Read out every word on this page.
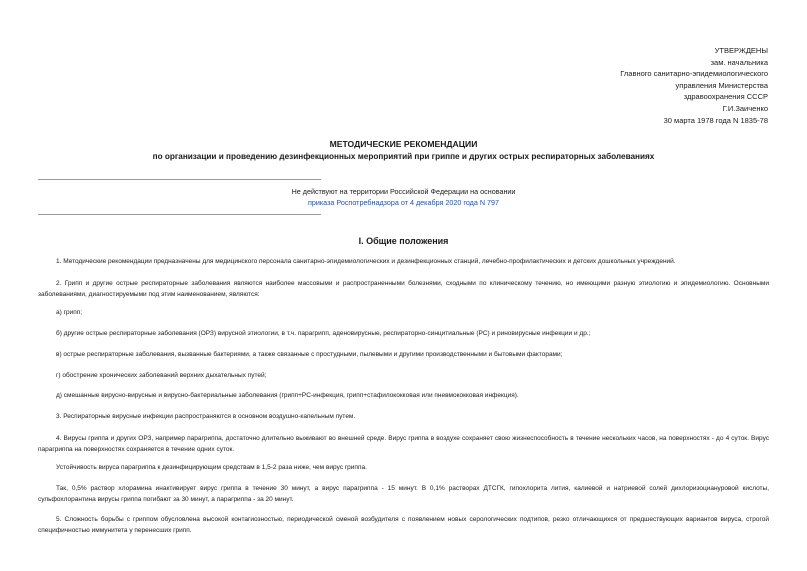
УТВЕРЖДЕНЫ
зам. начальника
Главного санитарно-эпидемиологического
управления Министерства
здравоохранения СССР
Г.И.Заиченко
30 марта 1978 года N 1835-78
МЕТОДИЧЕСКИЕ РЕКОМЕНДАЦИИ
по организации и проведению дезинфекционных мероприятий при гриппе и других острых респираторных заболеваниях
Не действуют на территории Российской Федерации на основании
приказа Роспотребнадзора от 4 декабря 2020 года N 797
I. Общие положения
1. Методические рекомендации предназначены для медицинского персонала санитарно-эпидемиологических и дезинфекционных станций, лечебно-профилактических и детских дошкольных учреждений.
2. Грипп и другие острые респираторные заболевания являются наиболее массовыми и распространенными болезнями, сходными по клиническому течению, но имеющими разную этиологию и эпидемиологию. Основными заболеваниями, диагностируемыми под этим наименованием, являются:
а) грипп;
б) другие острые респираторные заболевания (ОРЗ) вирусной этиологии, в т.ч. парагрипп, аденовирусные, респираторно-синцитиальные (PC) и риновирусные инфекции и др.;
в) острые респираторные заболевания, вызванные бактериями, а также связанные с простудными, пылевыми и другими производственными и бытовыми факторами;
г) обострение хронических заболеваний верхних дыхательных путей;
д) смешанные вирусно-вирусные и вирусно-бактериальные заболевания (грипп+PC-инфекция, грипп+стафилококковая или пневмококковая инфекция).
3. Респираторные вирусные инфекции распространяются в основном воздушно-капельным путем.
4. Вирусы гриппа и других ОРЗ, например парагриппа, достаточно длительно выживают во внешней среде. Вирус гриппа в воздухе сохраняет свою жизнеспособность в течение нескольких часов, на поверхностях - до 4 суток. Вирус парагриппа на поверхностях сохраняется в течение одних суток.
Устойчивость вируса парагриппа к дезинфицирующим средствам в 1,5-2 раза ниже, чем вирус гриппа.
Так, 0,5% раствор хлорамина инактивирует вирус гриппа в течение 30 минут, а вирус парагриппа - 15 минут. В 0,1% растворах ДТСГК, гипохлорита лития, калиевой и натриевой солей дихлоризоциануровой кислоты, сульфохлорантина вирусы гриппа погибают за 30 минут, а парагриппа - за 20 минут.
5. Сложность борьбы с гриппом обусловлена высокой контагиозностью, периодической сменой возбудителя с появлением новых серологических подтипов, резко отличающихся от предшествующих вариантов вируса, строгой специфичностью иммунитета у перенесших грипп.
